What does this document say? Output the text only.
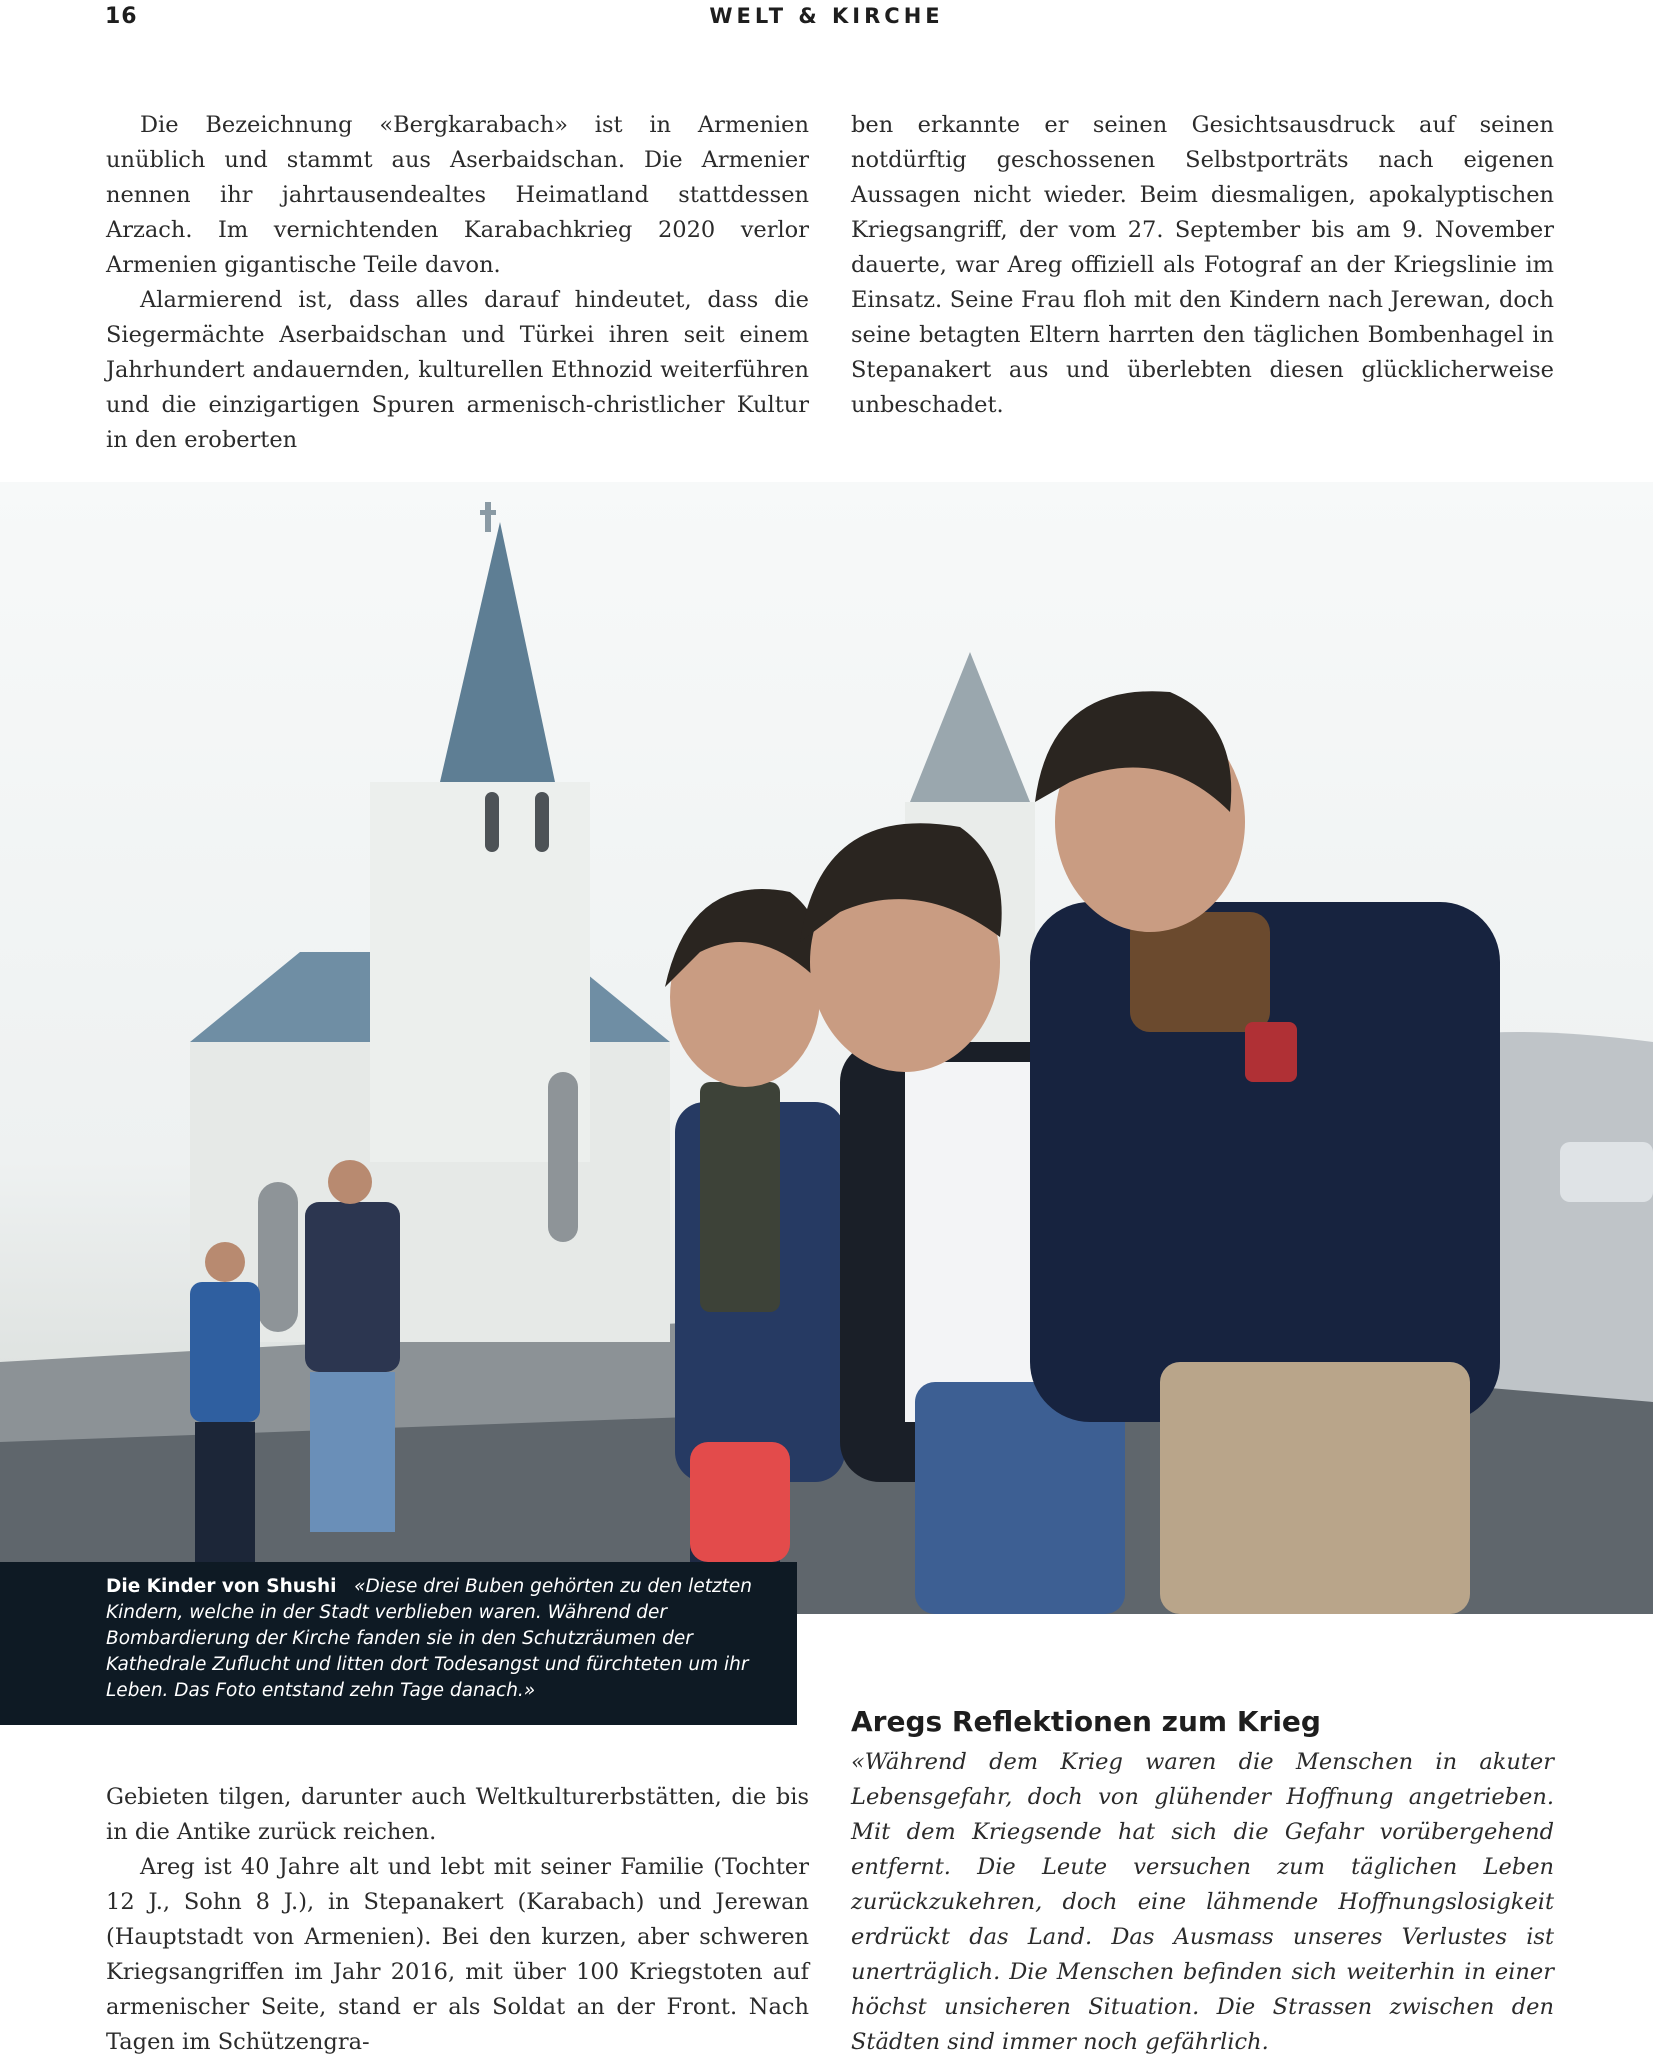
16	WELT & KIRCHE

Die Bezeichnung «Bergkarabach» ist in Armenien unüblich und stammt aus Aserbaidschan. Die Armenier nennen ihr jahrtausendealtes Heimatland stattdessen Arzach. Im vernichtenden Karabachkrieg 2020 verlor Armenien gigantische Teile davon.

Alarmierend ist, dass alles darauf hindeutet, dass die Siegermächte Aserbaidschan und Türkei ihren seit einem Jahrhundert andauernden, kulturellen Ethnozid weiterführen und die einzigartigen Spuren armenisch-christlicher Kultur in den eroberten

ben erkannte er seinen Gesichtsausdruck auf seinen notdürftig geschossenen Selbstporträts nach eigenen Aussagen nicht wieder. Beim diesmaligen, apokalyptischen Kriegsangriff, der vom 27. September bis am 9. November dauerte, war Areg offiziell als Fotograf an der Kriegslinie im Einsatz. Seine Frau floh mit den Kindern nach Jerewan, doch seine betagten Eltern harrten den täglichen Bombenhagel in Stepanakert aus und überlebten diesen glücklicherweise unbeschadet.

Die Kinder von Shushi «Diese drei Buben gehörten zu den letzten Kindern, welche in der Stadt verblieben waren. Während der Bombardierung der Kirche fanden sie in den Schutzräumen der Kathedrale Zuflucht und litten dort Todesangst und fürchteten um ihr Leben. Das Foto entstand zehn Tage danach.»
Aregs Reflektionen zum Krieg

Gebieten tilgen, darunter auch Weltkulturerbstätten, die bis in die Antike zurück reichen.

Areg ist 40 Jahre alt und lebt mit seiner Familie (Tochter 12 J., Sohn 8 J.), in Stepanakert (Karabach) und Jerewan (Hauptstadt von Armenien). Bei den kurzen, aber schweren Kriegsangriffen im Jahr 2016, mit über 100 Kriegstoten auf armenischer Seite, stand er als Soldat an der Front. Nach Tagen im Schützengra-

«Während dem Krieg waren die Menschen in akuter Lebensgefahr, doch von glühender Hoffnung angetrieben. Mit dem Kriegsende hat sich die Gefahr vorübergehend entfernt. Die Leute versuchen zum täglichen Leben zurückzukehren, doch eine lähmende Hoffnungslosigkeit erdrückt das Land. Das Ausmass unseres Verlustes ist unerträglich. Die Menschen befinden sich weiterhin in einer höchst unsicheren Situation. Die Strassen zwischen den Städten sind immer noch gefährlich.
